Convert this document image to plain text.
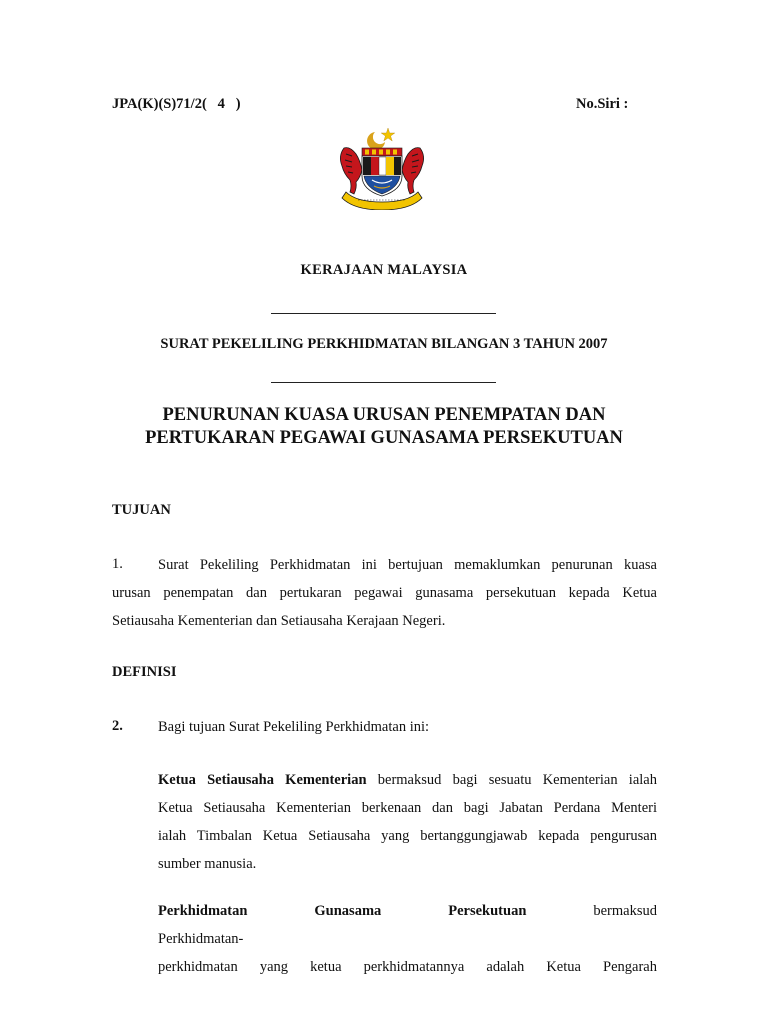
JPA(K)(S)71/2(   4   )	No.Siri :
KERAJAAN MALAYSIA
SURAT PEKELILING PERKHIDMATAN BILANGAN 3 TAHUN 2007
PENURUNAN KUASA URUSAN PENEMPATAN DAN
PERTUKARAN PEGAWAI GUNASAMA PERSEKUTUAN
TUJUAN
1.	Surat Pekeliling Perkhidmatan ini bertujuan memaklumkan penurunan kuasa
urusan penempatan dan pertukaran pegawai gunasama persekutuan kepada Ketua
Setiausaha Kementerian dan Setiausaha Kerajaan Negeri.
DEFINISI
2. Bagi tujuan Surat Pekeliling Perkhidmatan ini:
Ketua Setiausaha Kementerian bermaksud bagi sesuatu Kementerian ialah
Ketua Setiausaha Kementerian berkenaan dan bagi Jabatan Perdana Menteri
ialah Timbalan Ketua Setiausaha yang bertanggungjawab kepada pengurusan
sumber manusia.
Perkhidmatan Gunasama Persekutuan bermaksud Perkhidmatan-
perkhidmatan yang ketua perkhidmatannya adalah Ketua Pengarah
